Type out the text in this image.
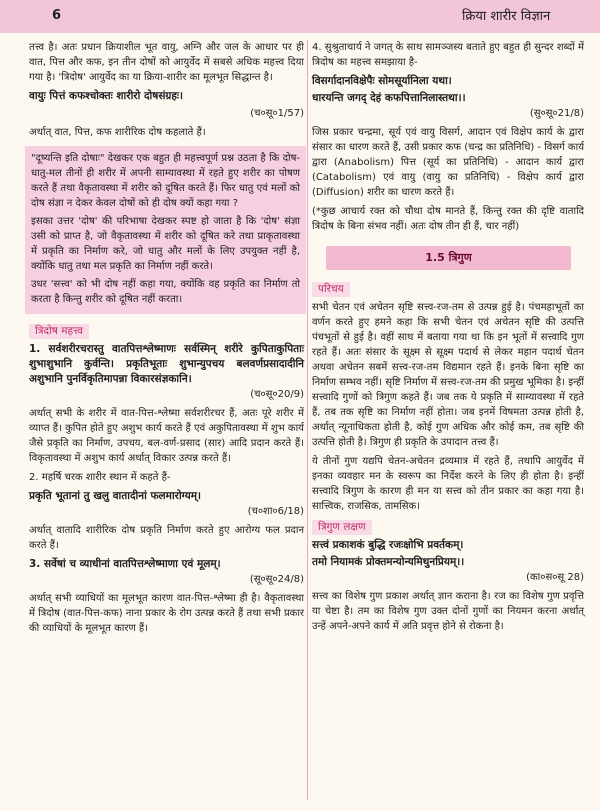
6	क्रिया शारीर विज्ञान

तत्त्व है। अतः प्रधान क्रियाशील भूत वायु, अग्नि और जल के आधार पर ही वात, पित्त और कफ, इन तीन दोषों को आयुर्वेद में सबसे अधिक महत्त्व दिया गया है। 'त्रिदोष' आयुर्वेद का या क्रिया-शारीर का मूलभूत सिद्धान्त है।

वायुः पित्तं कफश्चोक्तः शारीरो दोषसंग्रहः।

(च०सू०1/57)

अर्थात् वात, पित्त, कफ शारीरिक दोष कहलाते हैं।

"दूष्यन्ति इति दोषाः" देखकर एक बहुत ही महत्त्वपूर्ण प्रश्न उठता है कि दोष-धातु-मल तीनों ही शरीर में अपनी साम्यावस्था में रहते हुए शरीर का पोषण करते हैं तथा वैकृतावस्था में शरीर को दूषित करते हैं। फिर धातु एवं मलों को दोष संज्ञा न देकर केवल दोषों को ही दोष क्यों कहा गया ?

इसका उत्तर 'दोष' की परिभाषा देखकर स्पष्ट हो जाता है कि 'दोष' संज्ञा उसी को प्राप्त है, जो वैकृतावस्था में शरीर को दूषित करे तथा प्राकृतावस्था में प्रकृति का निर्माण करे, जो धातु और मलों के लिए उपयुक्त नहीं है, क्योंकि धातु तथा मल प्रकृति का निर्माण नहीं करते।

उधर 'सत्त्व' को भी दोष नहीं कहा गया, क्योंकि वह प्रकृति का निर्माण तो करता है किन्तु शरीर को दूषित नहीं करता।

त्रिदोष महत्त्व

1. सर्वशरीरचरास्तु वातपित्तश्लेष्माणः सर्वस्मिन् शरीरे कुपिताकुपिताः शुभाशुभानि कुर्वन्ति। प्रकृतिभूताः शुभान्युपचय बलवर्णप्रसादादीनि अशुभानि पुनर्विकृतिमापन्ना विकारसंज्ञकानि।

(च०सू०20/9)

अर्थात् सभी के शरीर में वात-पित्त-श्लेष्मा सर्वशरीरचर हैं, अतः पूरे शरीर में व्याप्त हैं। कुपित होते हुए अशुभ कार्य करते हैं एवं अकुपितावस्था में शुभ कार्य जैसे प्रकृति का निर्माण, उपचय, बल-वर्ण-प्रसाद (सार) आदि प्रदान करते हैं। विकृतावस्था में अशुभ कार्य अर्थात् विकार उत्पन्न करते हैं।

2. महर्षि चरक शारीर स्थान में कहते हैं-

प्रकृति भूतानां तु खलु वातादीनां फलमारोग्यम्।

(च०शा०6/18)

अर्थात् वातादि शारीरिक दोष प्रकृति निर्माण करते हुए आरोग्य फल प्रदान करते हैं।

3. सर्वेषां च व्याधीनां वातपित्तश्लेष्माणा एवं मूलम्।

(सू०सू०24/8)

अर्थात् सभी व्याधियों का मूलभूत कारण वात-पित्त-श्लेष्मा ही है। वैकृतावस्था में त्रिदोष (वात-पित्त-कफ) नाना प्रकार के रोग उत्पन्न करते हैं तथा सभी प्रकार की व्याधियों के मूलभूत कारण हैं।

4. सुश्रुताचार्य ने जगत् के साथ सामञ्जस्य बताते हुए बहुत ही सुन्दर शब्दों में त्रिदोष का महत्त्व समझाया है-

विसर्गादानविक्षेपैः सोमसूर्यानिला यथा।

धारयन्ति जगद् देहं कफपित्तानिलास्तथा।।

(सु०सू०21/8)

जिस प्रकार चन्द्रमा, सूर्य एवं वायु विसर्ग, आदान एवं विक्षेप कार्य के द्वारा संसार का धारण करते हैं, उसी प्रकार कफ (चन्द्र का प्रतिनिधि) - विसर्ग कार्य द्वारा (Anabolism) पित्त (सूर्य का प्रतिनिधि) - आदान कार्य द्वारा (Catabolism) एवं वायु (वायु का प्रतिनिधि) - विक्षेप कार्य द्वारा (Diffusion) शरीर का धारण करते हैं।

(*कुछ आचार्य रक्त को चौथा दोष मानते हैं, किन्तु रक्त की दृष्टि वातादि त्रिदोष के बिना संभव नहीं। अतः दोष तीन ही हैं, चार नहीं)

1.5 त्रिगुण
परिचय

सभी चेतन एवं अचेतन सृष्टि सत्त्व-रज-तम से उत्पन्न हुई है। पंचमहाभूतों का वर्णन करते हुए हमने कहा कि सभी चेतन एवं अचेतन सृष्टि की उत्पत्ति पंचभूतों से हुई है। वहीं साथ में बताया गया था कि इन भूतों में सत्त्वादि गुण रहते हैं। अतः संसार के सूक्ष्म से सूक्ष्म पदार्थ से लेकर महान पदार्थ चेतन अथवा अचेतन सबमें सत्त्व-रज-तम विद्यमान रहते हैं। इनके बिना सृष्टि का निर्माण सम्भव नहीं। सृष्टि निर्माण में सत्त्व-रज-तम की प्रमुख भूमिका है। इन्हीं सत्त्वादि गुणों को त्रिगुण कहते हैं। जब तक ये प्रकृति में साम्यावस्था में रहते हैं, तब तक सृष्टि का निर्माण नहीं होता। जब इनमें विषमता उत्पन्न होती है, अर्थात् न्यूनाधिकता होती है, कोई गुण अधिक और कोई कम, तब सृष्टि की उत्पत्ति होती है। त्रिगुण ही प्रकृति के उपादान तत्त्व हैं।

ये तीनों गुण यद्यपि चेतन-अचेतन द्रव्यमात्र में रहते हैं, तथापि आयुर्वेद में इनका व्यवहार मन के स्वरूप का निर्देश करने के लिए ही होता है। इन्हीं सत्त्वादि त्रिगुण के कारण ही मन या सत्त्व को तीन प्रकार का कहा गया है। सात्त्विक, राजसिक, तामसिक।

त्रिगुण लक्षण

सत्त्वं प्रकाशकं बुद्धि रजःक्षोभि प्रवर्तकम्।

तमो नियामकं प्रोक्तमन्योन्यमिथुनप्रियम्।।

(का०स०सू 28)

सत्त्व का विशेष गुण प्रकाश अर्थात् ज्ञान कराना है। रज का विशेष गुण प्रवृत्ति या चेष्टा है। तम का विशेष गुण उक्त दोनों गुणों का नियमन करना अर्थात् उन्हें अपने-अपने कार्य में अति प्रवृत्त होने से रोकना है।
